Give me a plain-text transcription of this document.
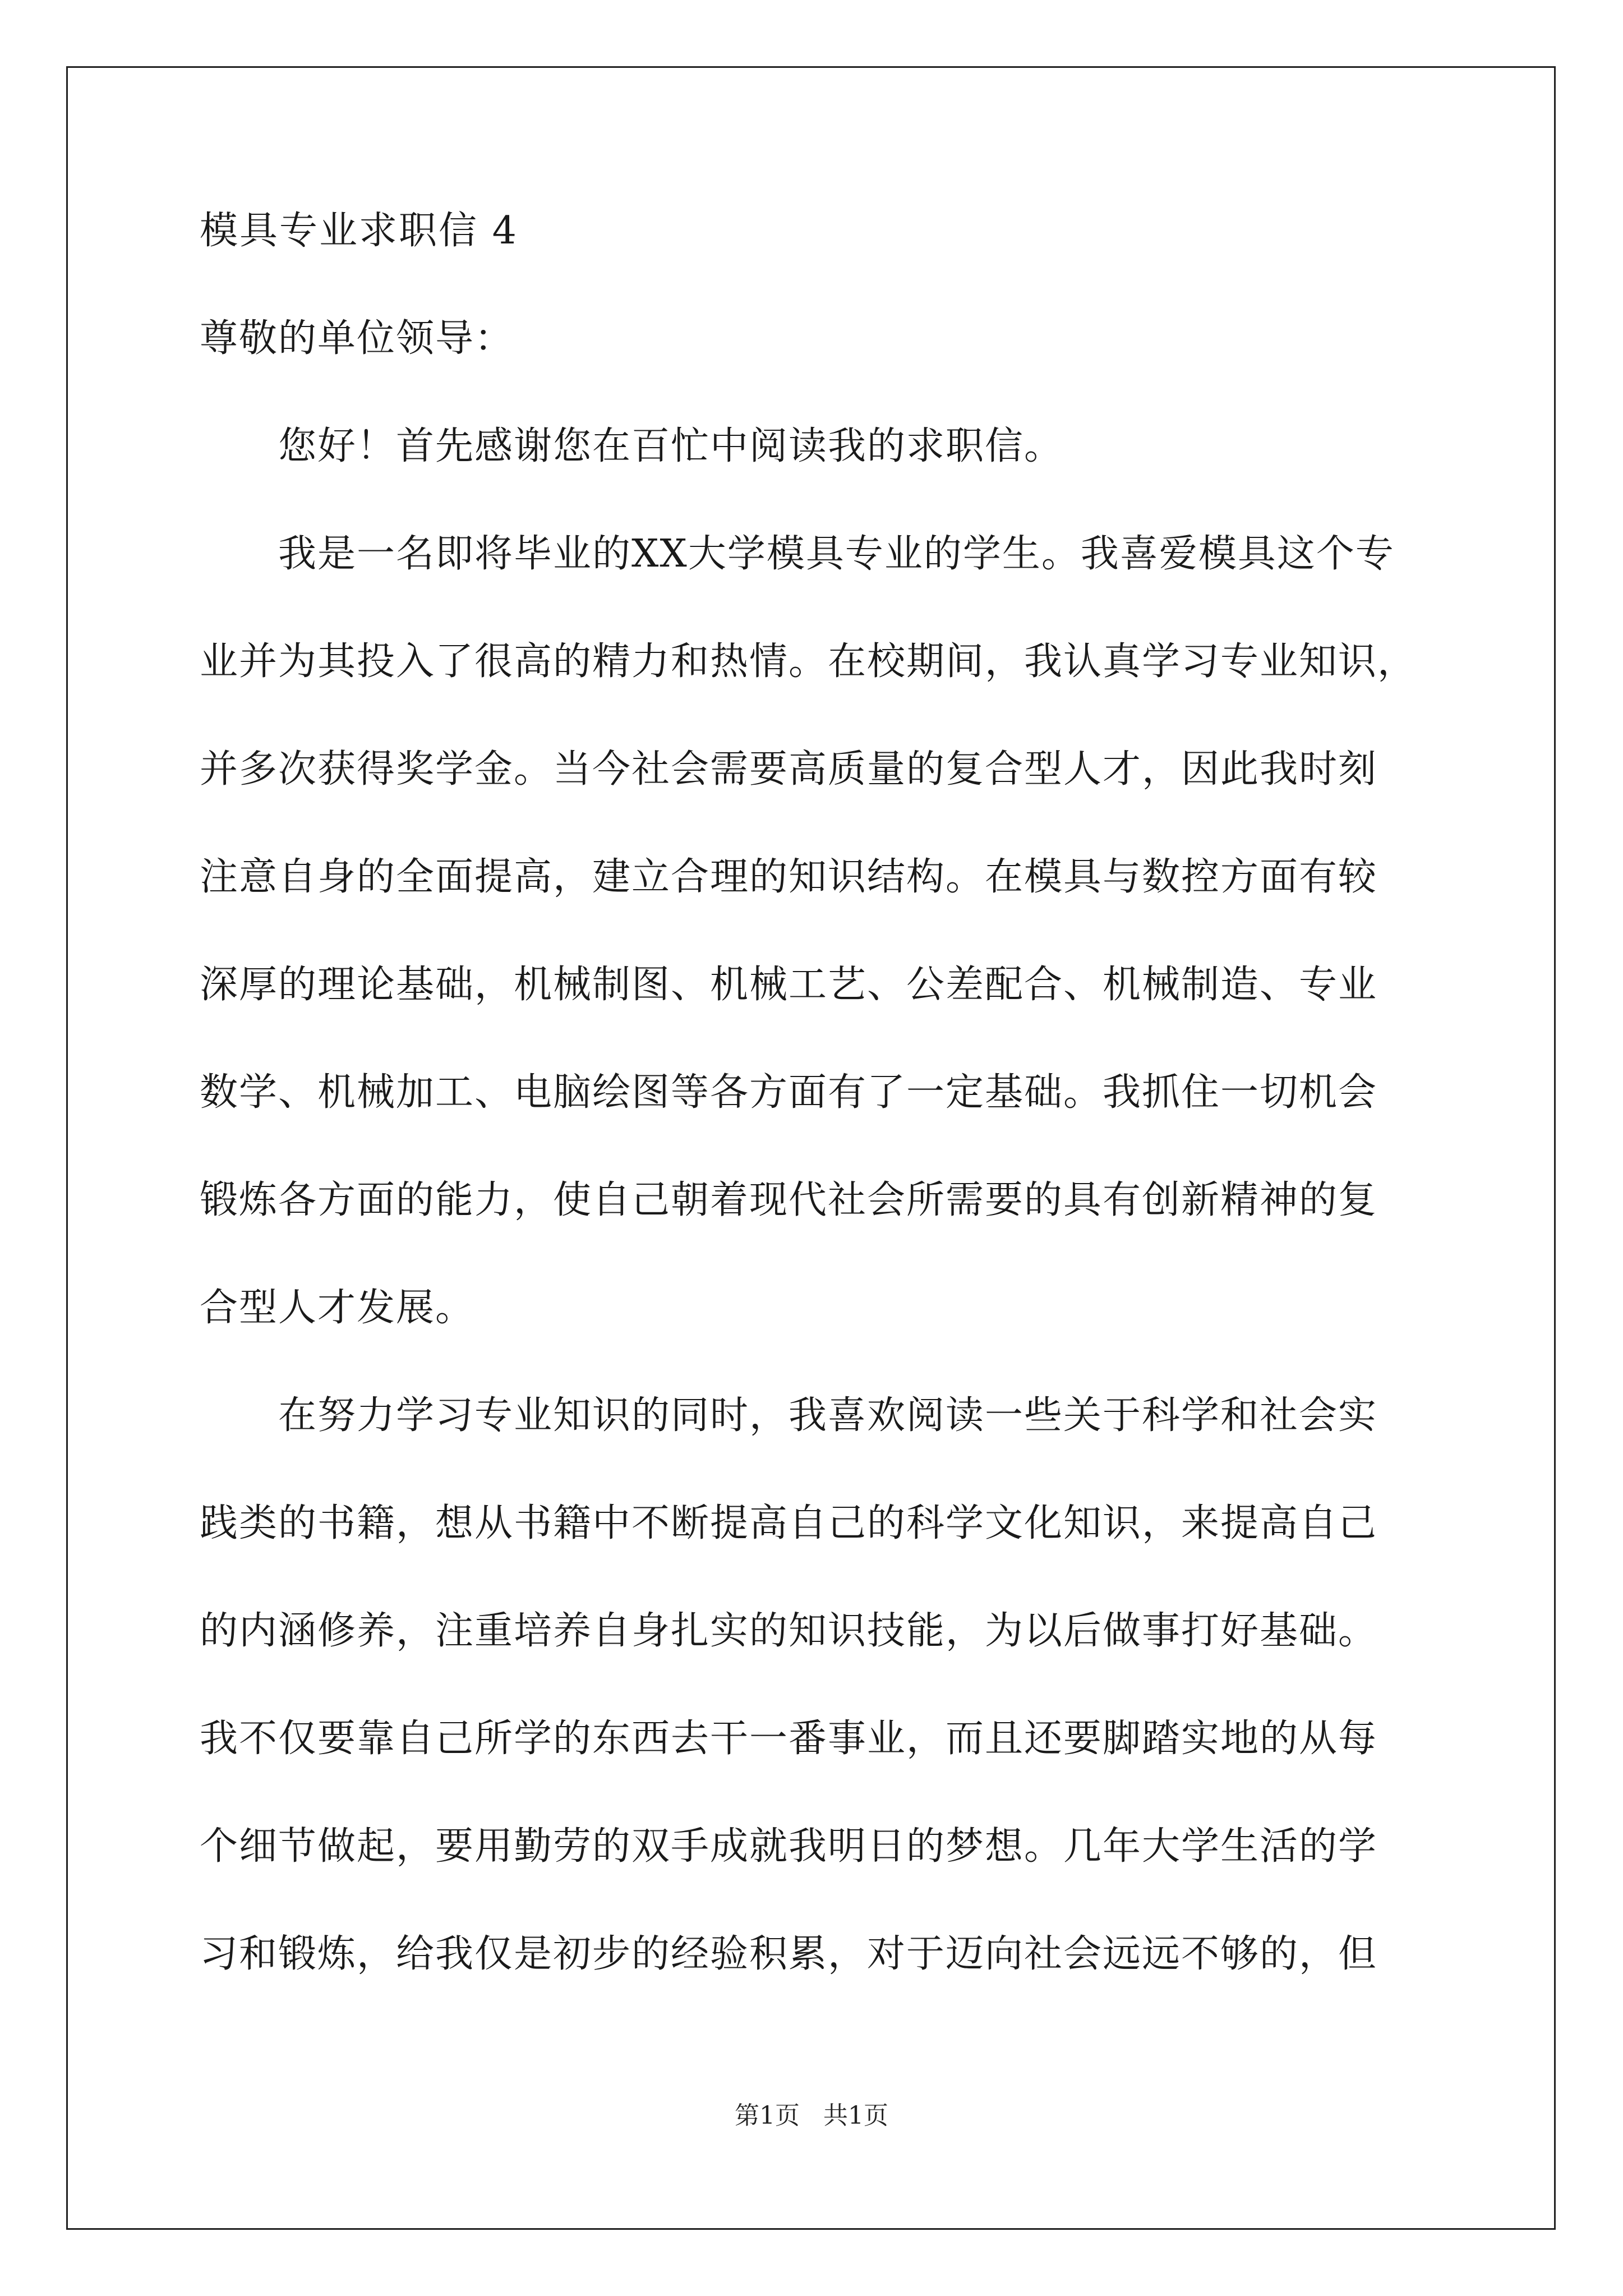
模具专业求职信 4
尊敬的单位领导：
您好！首先感谢您在百忙中阅读我的求职信。
我是一名即将毕业的XX大学模具专业的学生。我喜爱模具这个专
业并为其投入了很高的精力和热情。在校期间，我认真学习专业知识，
并多次获得奖学金。当今社会需要高质量的复合型人才，因此我时刻
注意自身的全面提高，建立合理的知识结构。在模具与数控方面有较
深厚的理论基础，机械制图、机械工艺、公差配合、机械制造、专业
数学、机械加工、电脑绘图等各方面有了一定基础。我抓住一切机会
锻炼各方面的能力，使自己朝着现代社会所需要的具有创新精神的复
合型人才发展。
在努力学习专业知识的同时，我喜欢阅读一些关于科学和社会实
践类的书籍，想从书籍中不断提高自己的科学文化知识，来提高自己
的内涵修养，注重培养自身扎实的知识技能，为以后做事打好基础。
我不仅要靠自己所学的东西去干一番事业，而且还要脚踏实地的从每
个细节做起，要用勤劳的双手成就我明日的梦想。几年大学生活的学
习和锻炼，给我仅是初步的经验积累，对于迈向社会远远不够的，但
第1页   共1页
